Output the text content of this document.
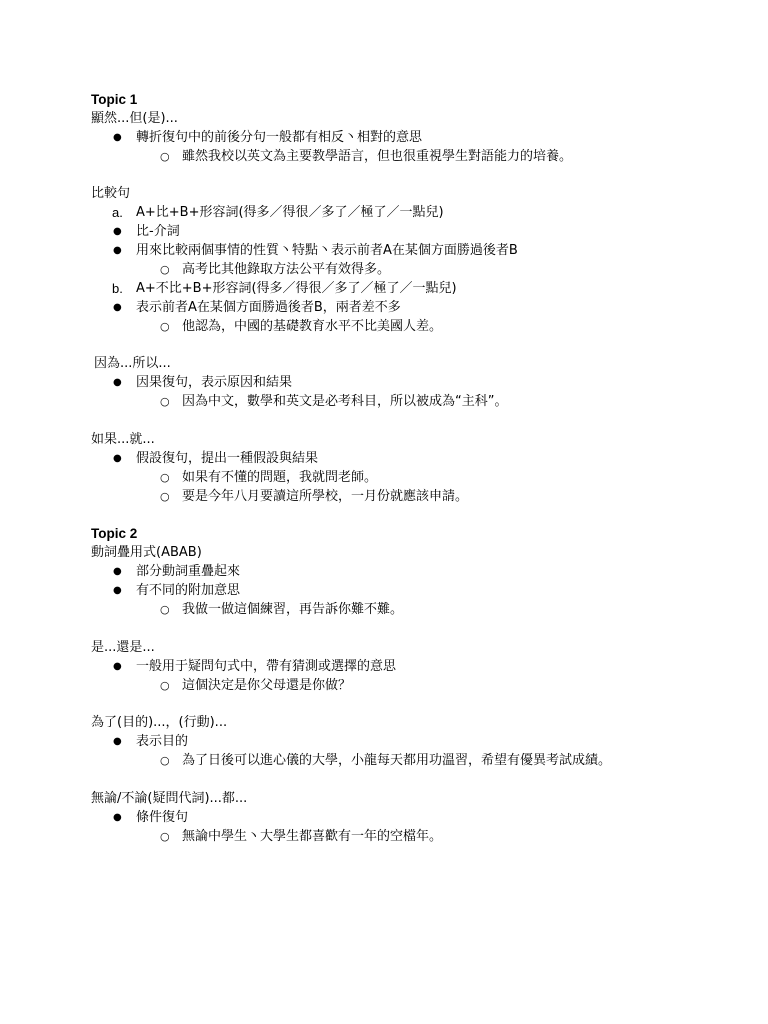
Topic 1
顯然...但(是)...
● 轉折復句中的前後分句一般都有相反丶相對的意思
○ 雖然我校以英文為主要教學語言，但也很重視學生對語能力的培養。
比較句
a. A+比+B+形容詞(得多／得很／多了／極了／一點兒)
● 比-介詞
● 用來比較兩個事情的性質丶特點丶表示前者A在某個方面勝過後者B
○ 高考比其他錄取方法公平有效得多。
b. A+不比+B+形容詞(得多／得很／多了／極了／一點兒)
● 表示前者A在某個方面勝過後者B，兩者差不多
○ 他認為，中國的基礎教育水平不比美國人差。
因為...所以...
● 因果復句，表示原因和結果
○ 因為中文，數學和英文是必考科目，所以被成為“主科”。
如果...就...
● 假設復句，提出一種假設與結果
○ 如果有不懂的問題，我就問老師。
○ 要是今年八月要讀這所學校，一月份就應該申請。
Topic 2
動詞疊用式(ABAB)
● 部分動詞重疊起來
● 有不同的附加意思
○ 我做一做這個練習，再告訴你難不難。
是...還是...
● 一般用于疑問句式中，帶有猜測或選擇的意思
○ 這個決定是你父母還是你做？
為了(目的)...，(行動)...
● 表示目的
○ 為了日後可以進心儀的大學，小龍每天都用功溫習，希望有優異考試成績。
無論/不論(疑問代詞)...都...
● 條件復句
○ 無論中學生丶大學生都喜歡有一年的空檔年。
